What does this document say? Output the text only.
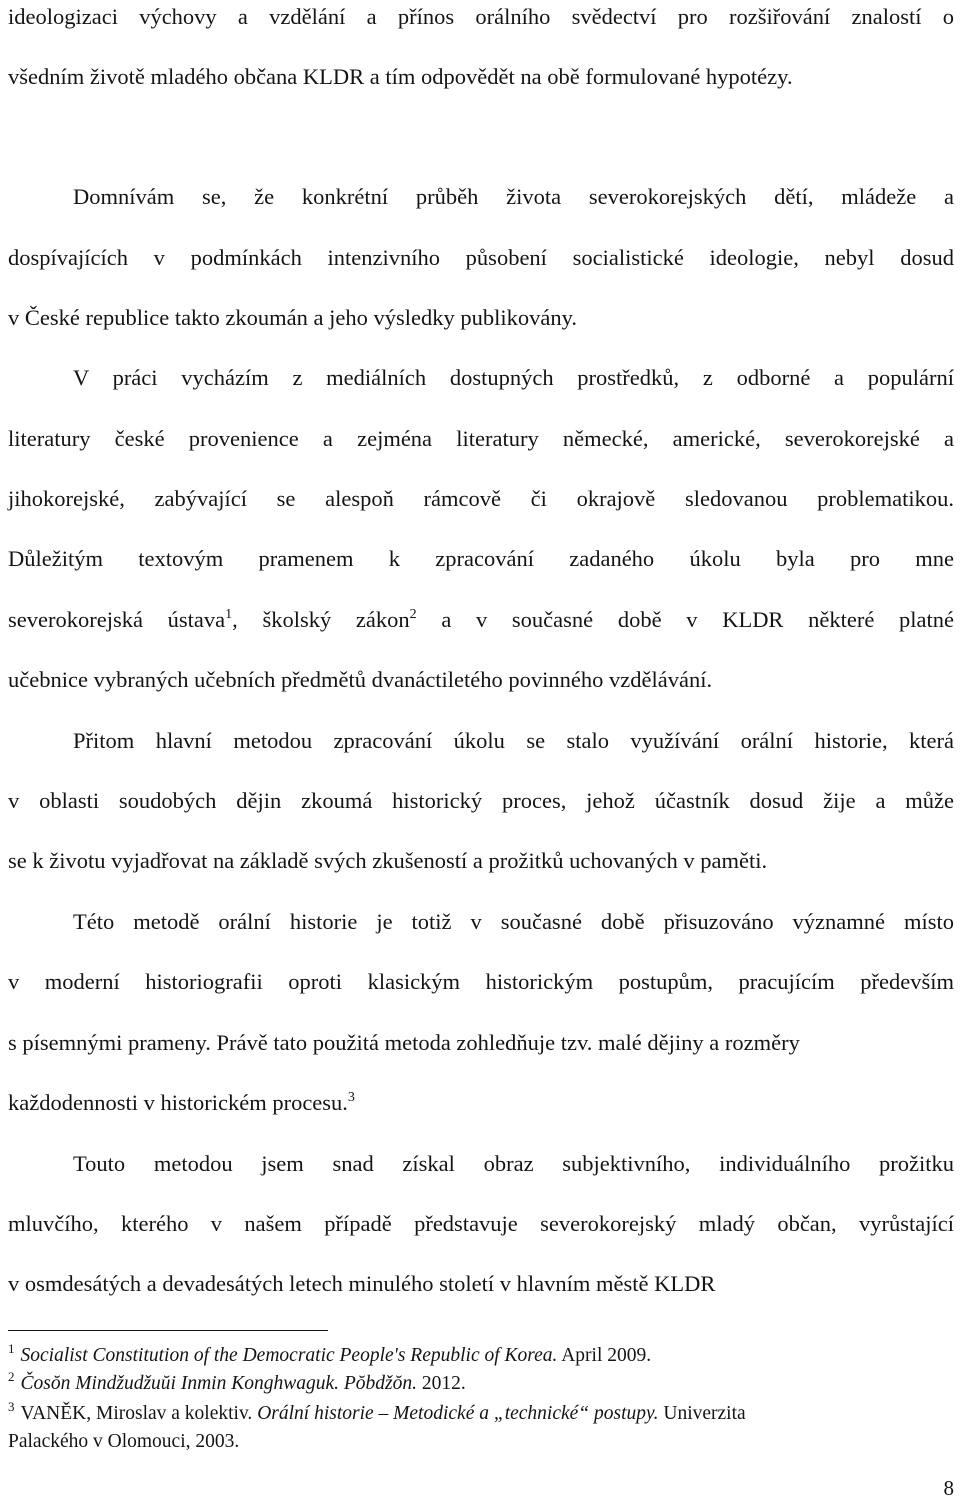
ideologizaci výchovy a vzdělání a přínos orálního svědectví pro rozšiřování znalostí o
všedním životě mladého občana KLDR a tím odpovědět na obě formulované hypotézy.
Domnívám se, že konkrétní průběh života severokorejských dětí, mládeže a
dospívajících v podmínkách intenzivního působení socialistické ideologie, nebyl dosud
v České republice takto zkoumán a jeho výsledky publikovány.
V práci vycházím z mediálních dostupných prostředků, z odborné a populární
literatury české provenience a zejména literatury německé, americké, severokorejské a
jihokorejské, zabývající se alespoň rámcově či okrajově sledovanou problematikou.
Důležitým textovým pramenem k zpracování zadaného úkolu byla pro mne
severokorejská ústava$^1$, školský zákon$^2$ a v současné době v KLDR některé platné
učebnice vybraných učebních předmětů dvanáctiletého povinného vzdělávání.
Přitom hlavní metodou zpracování úkolu se stalo využívání orální historie, která
v oblasti soudobých dějin zkoumá historický proces, jehož účastník dosud žije a může
se k životu vyjadřovat na základě svých zkušeností a prožitků uchovaných v paměti.
Této metodě orální historie je totiž v současné době přisuzováno významné místo
v moderní historiografii oproti klasickým historickým postupům, pracujícím především
s písemnými prameny. Právě tato použitá metoda zohledňuje tzv. malé dějiny a rozměry
každodennosti v historickém procesu.$^3$
Touto metodou jsem snad získal obraz subjektivního, individuálního prožitku
mluvčího, kterého v našem případě představuje severokorejský mladý občan, vyrůstající
v osmdesátých a devadesátých letech minulého století v hlavním městě KLDR
$^1$ Socialist Constitution of the Democratic People's Republic of Korea. April 2009.
$^2$ Čosŏn Mindžudžuŭi Inmin Konghwaguk. Pŏbdžŏn. 2012.
$^3$ VANĚK, Miroslav a kolektiv. Orální historie – Metodické a „technické“ postupy. Univerzita
Palackého v Olomouci, 2003.
8
